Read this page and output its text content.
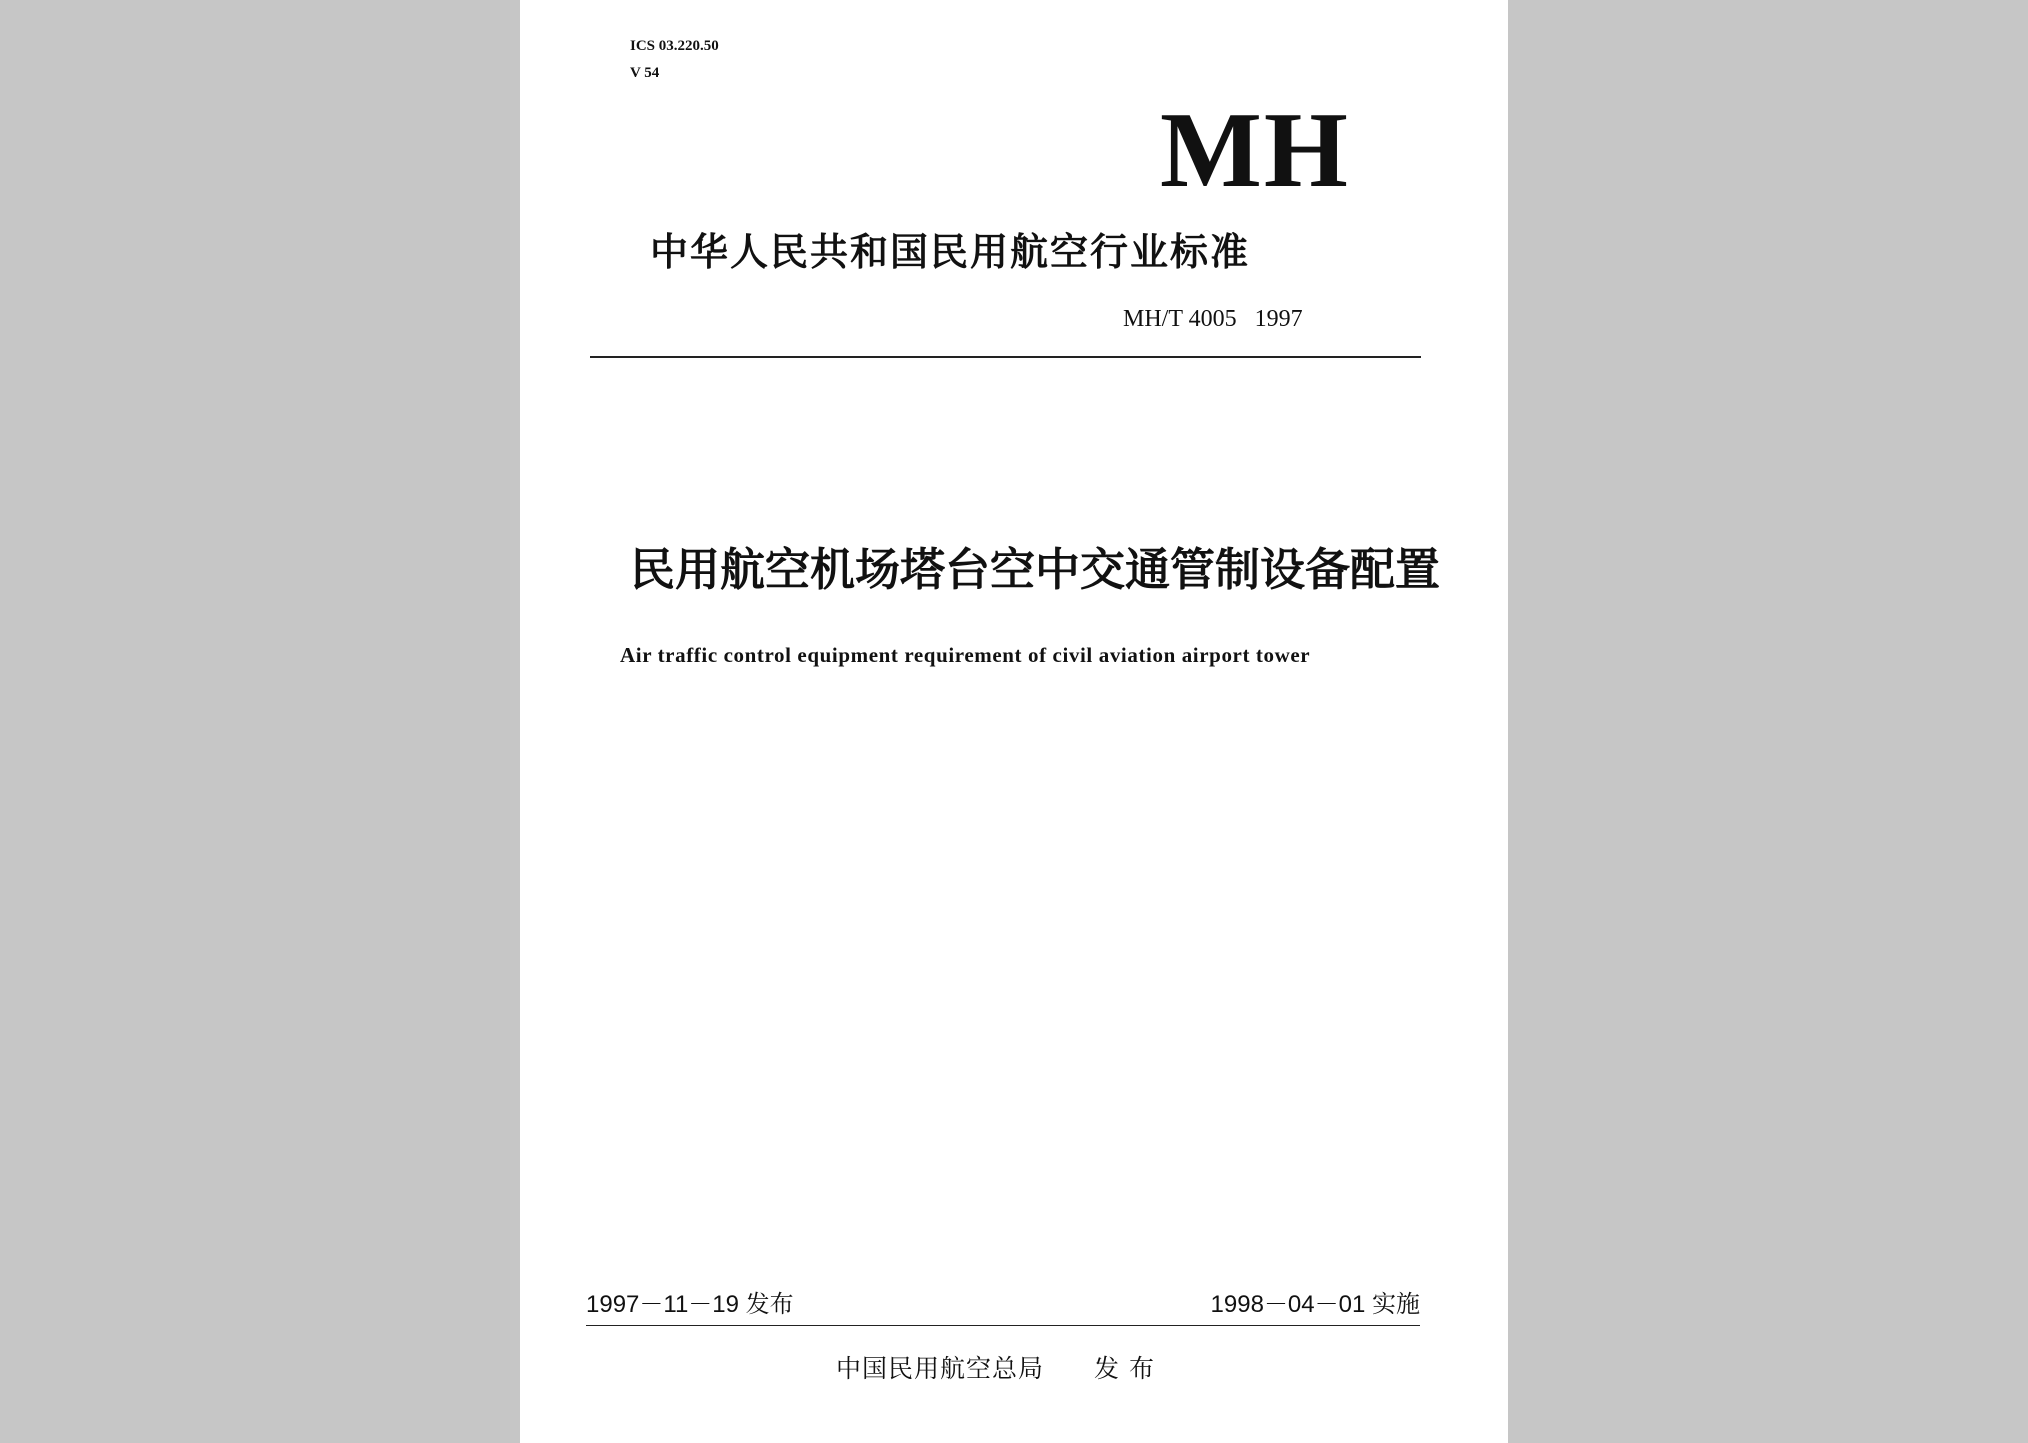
ICS 03.220.50
V 54
MH
中华人民共和国民用航空行业标准
MH/T 4005   1997
民用航空机场塔台空中交通管制设备配置
Air traffic control equipment requirement of civil aviation airport tower
1997－11－19 发布	1998－04－01 实施
中国民用航空总局 发 布
